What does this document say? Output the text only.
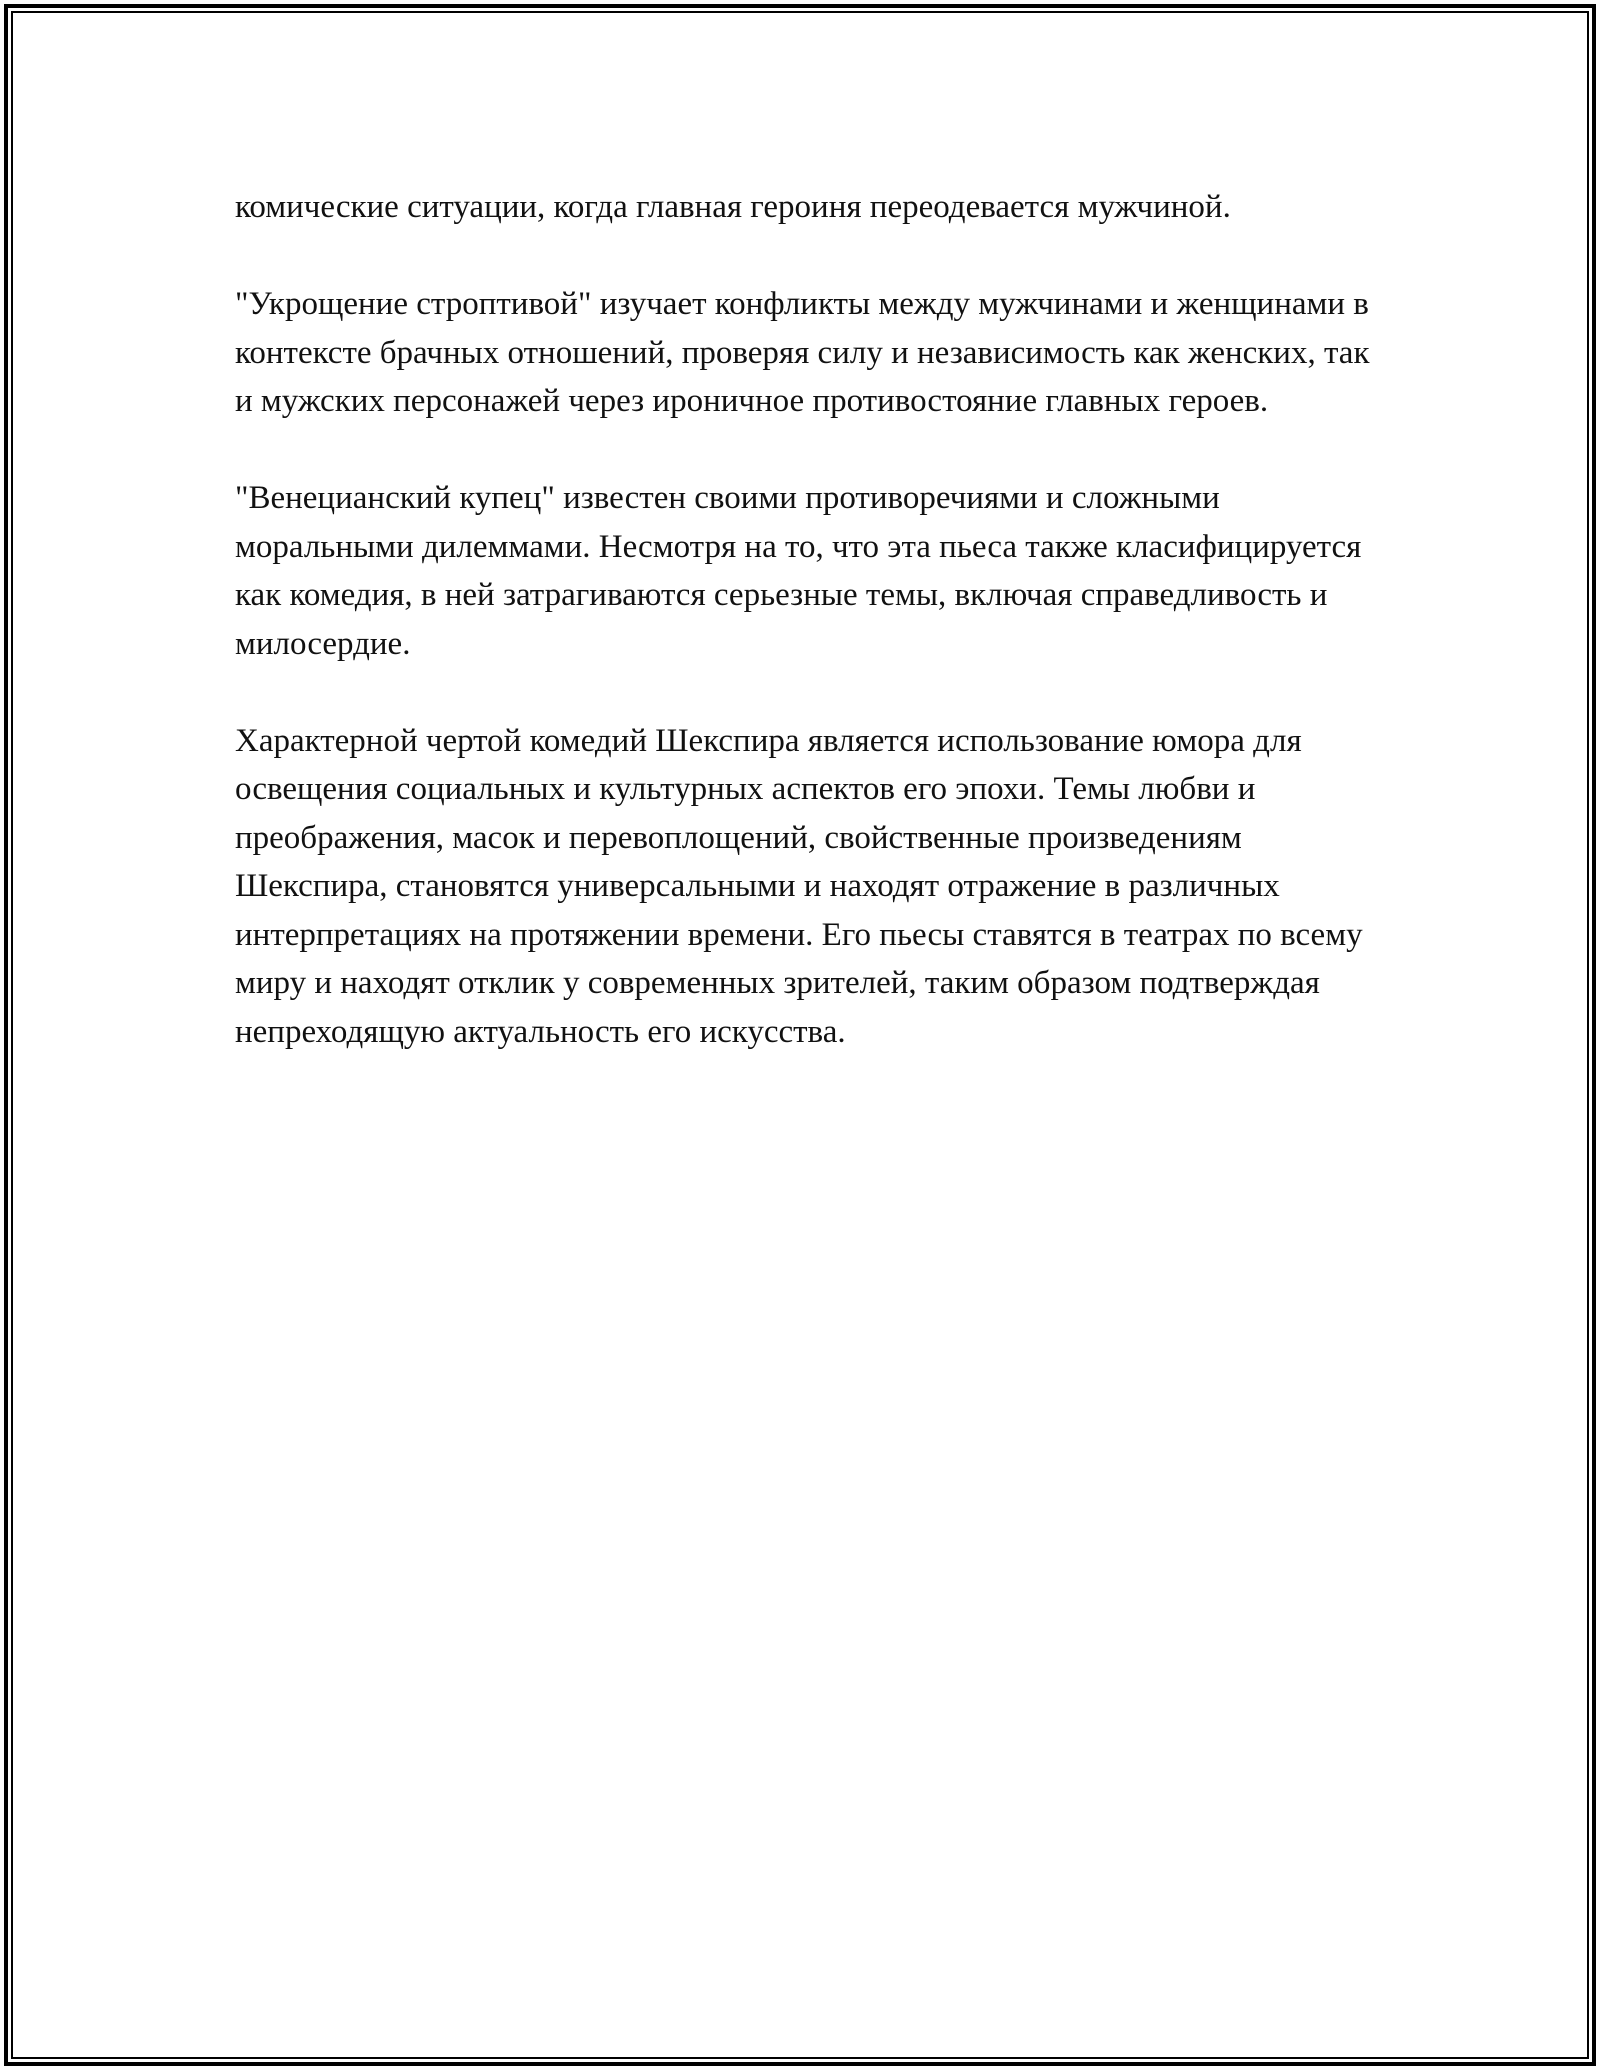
комические ситуации, когда главная героиня переодевается мужчиной.

"Укрощение строптивой" изучает конфликты между мужчинами и женщинами в контексте брачных отношений, проверяя силу и независимость как женских, так и мужских персонажей через ироничное противостояние главных героев.

"Венецианский купец" известен своими противоречиями и сложными моральными дилеммами. Несмотря на то, что эта пьеса также класифицируется как комедия, в ней затрагиваются серьезные темы, включая справедливость и милосердие.

Характерной чертой комедий Шекспира является использование юмора для освещения социальных и культурных аспектов его эпохи. Темы любви и преображения, масок и перевоплощений, свойственные произведениям Шекспира, становятся универсальными и находят отражение в различных интерпретациях на протяжении времени. Его пьесы ставятся в театрах по всему миру и находят отклик у современных зрителей, таким образом подтверждая непреходящую актуальность его искусства.
